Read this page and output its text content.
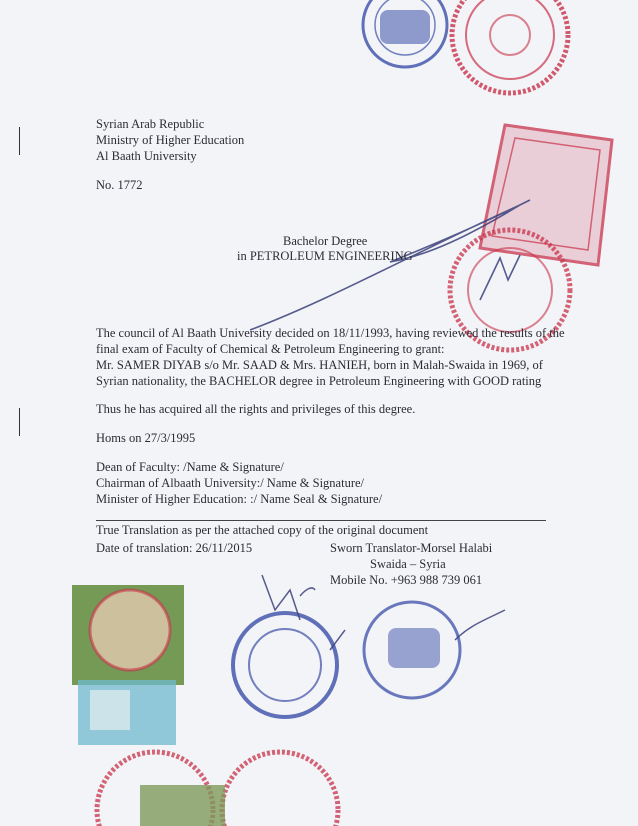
Syrian Arab Republic
Ministry of Higher Education
Al Baath University
No. 1772
Bachelor Degree
in PETROLEUM ENGINEERING
The council of Al Baath University decided on 18/11/1993, having reviewed the results of the
final exam of Faculty of Chemical & Petroleum Engineering to grant:
Mr. SAMER DIYAB s/o Mr. SAAD & Mrs. HANIEH, born in Malah-Swaida in 1969, of
Syrian nationality, the BACHELOR degree in Petroleum Engineering with GOOD rating
Thus he has acquired all the rights and privileges of this degree.
Homs on 27/3/1995
Dean of Faculty: /Name & Signature/
Chairman of Albaath University:/ Name & Signature/
Minister of Higher Education: :/ Name Seal & Signature/
True Translation as per the attached copy of the original document
Date of translation: 26/11/2015	Sworn Translator-Morsel Halabi
Swaida – Syria
Mobile No. +963 988 739 061
